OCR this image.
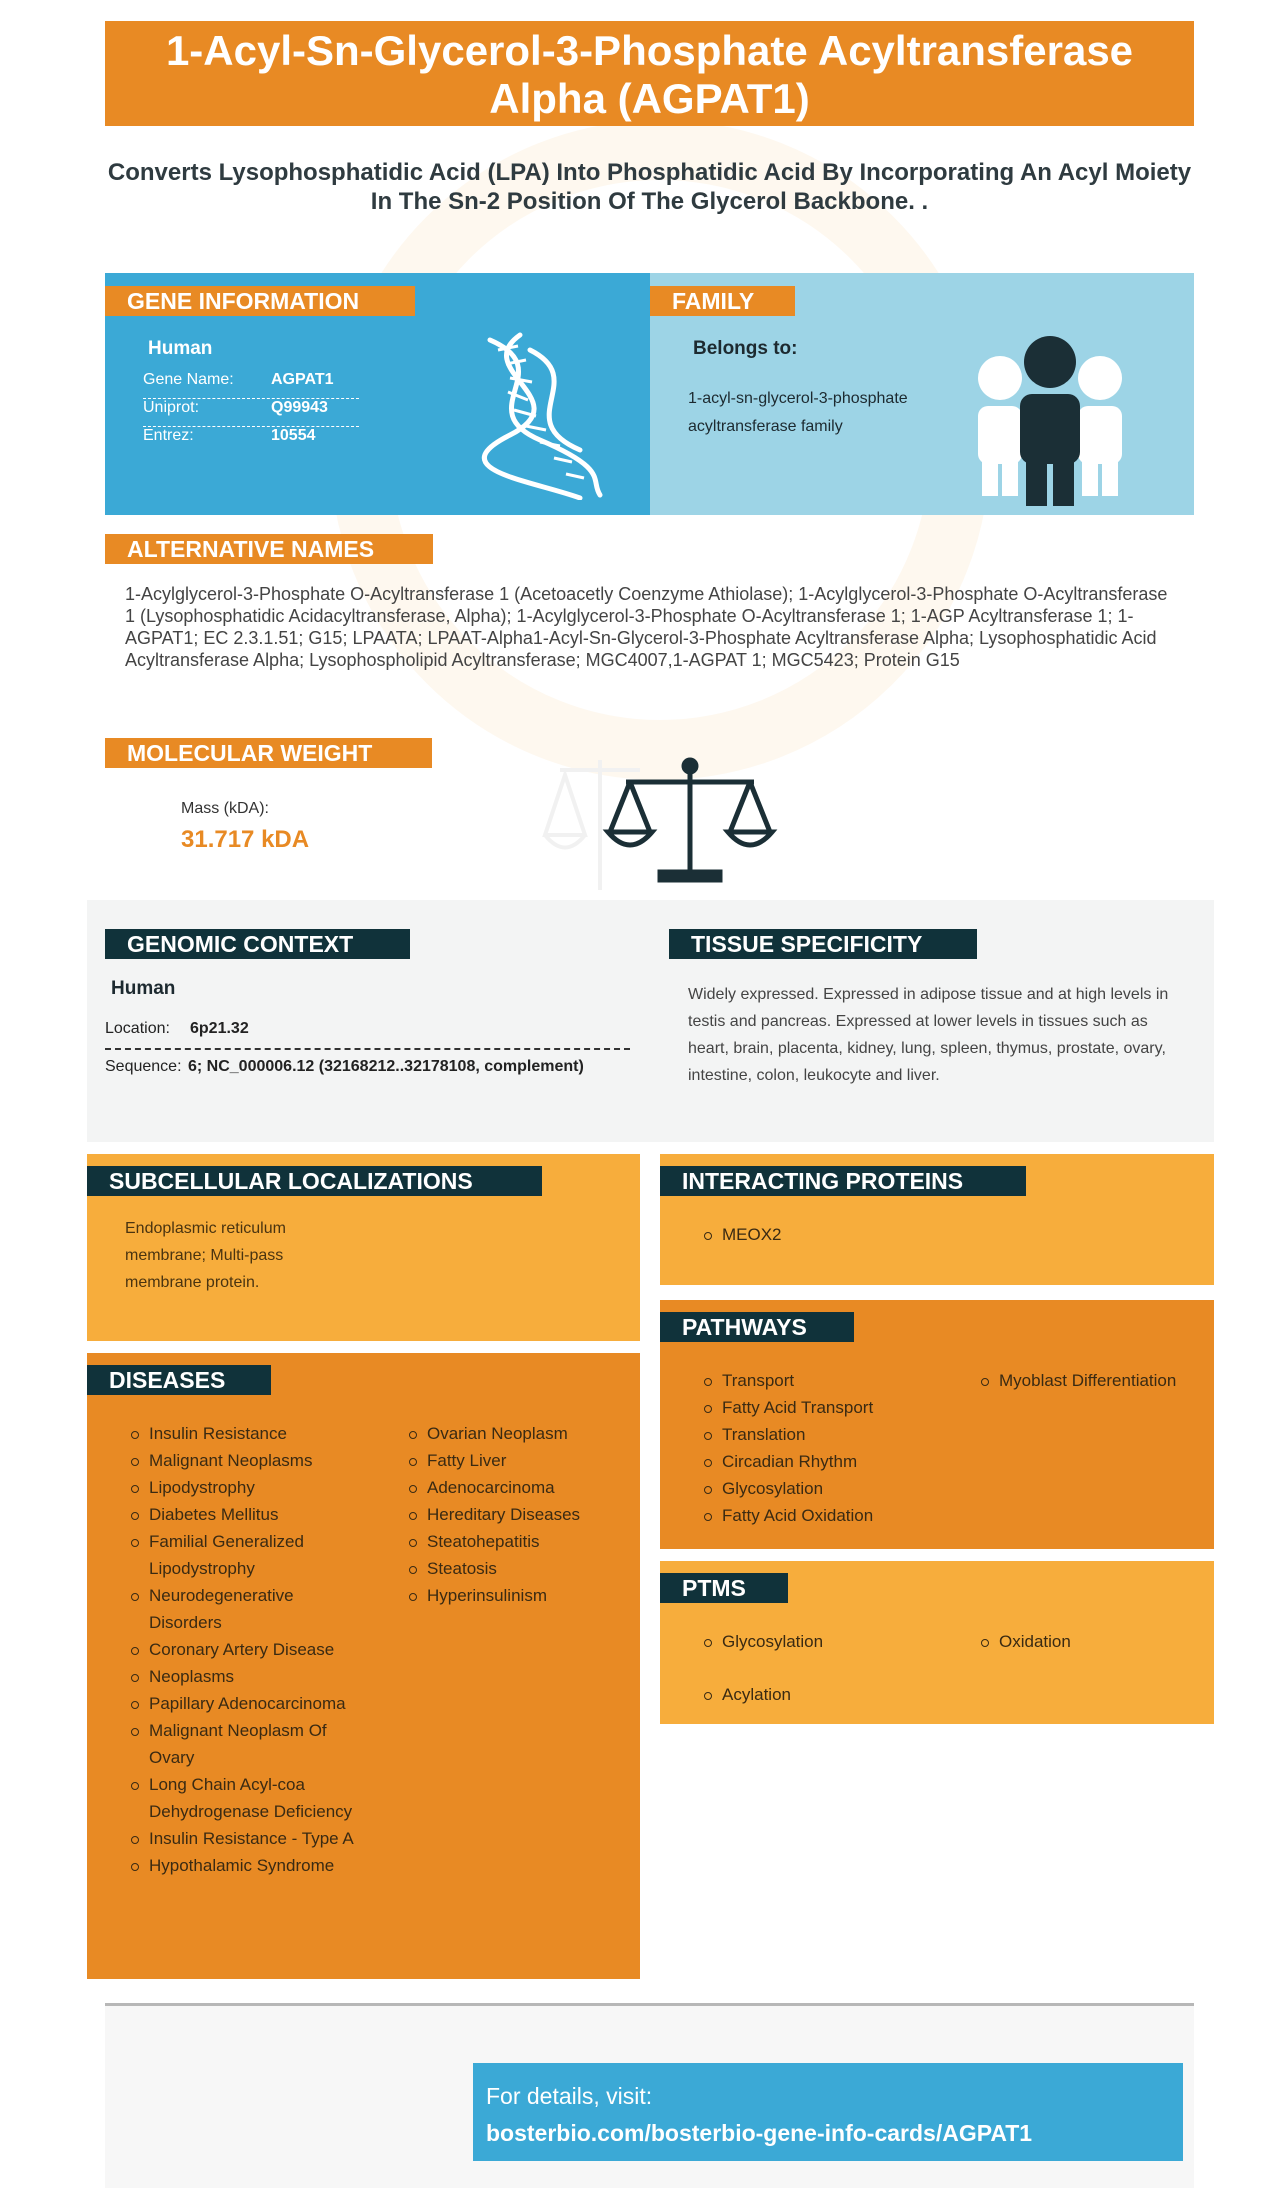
1-Acyl-Sn-Glycerol-3-Phosphate Acyltransferase Alpha (AGPAT1)
Converts Lysophosphatidic Acid (LPA) Into Phosphatidic Acid By Incorporating An Acyl Moiety In The Sn-2 Position Of The Glycerol Backbone. .
GENE INFORMATION
Human
Gene Name: AGPAT1
Uniprot:	Q99943
Entrez:	10554
FAMILY
Belongs to:
1-acyl-sn-glycerol-3-phosphate acyltransferase family
ALTERNATIVE NAMES
1-Acylglycerol-3-Phosphate O-Acyltransferase 1 (Acetoacetly Coenzyme Athiolase); 1-Acylglycerol-3-Phosphate O-Acyltransferase 1 (Lysophosphatidic Acidacyltransferase, Alpha); 1-Acylglycerol-3-Phosphate O-Acyltransferase 1; 1-AGP Acyltransferase 1; 1-AGPAT1; EC 2.3.1.51; G15; LPAATA; LPAAT-Alpha1-Acyl-Sn-Glycerol-3-Phosphate Acyltransferase Alpha; Lysophosphatidic Acid Acyltransferase Alpha; Lysophospholipid Acyltransferase; MGC4007,1-AGPAT 1; MGC5423; Protein G15
MOLECULAR WEIGHT
Mass (kDA):
31.717 kDA
GENOMIC CONTEXT
Human
Location: 6p21.32
Sequence: 6; NC_000006.12 (32168212..32178108, complement)
TISSUE SPECIFICITY
Widely expressed. Expressed in adipose tissue and at high levels in testis and pancreas. Expressed at lower levels in tissues such as heart, brain, placenta, kidney, lung, spleen, thymus, prostate, ovary, intestine, colon, leukocyte and liver.
SUBCELLULAR LOCALIZATIONS
Endoplasmic reticulum membrane; Multi-pass membrane protein.
INTERACTING PROTEINS
MEOX2
DISEASES
Insulin Resistance
Malignant Neoplasms
Lipodystrophy
Diabetes Mellitus
Familial Generalized Lipodystrophy
Neurodegenerative Disorders
Coronary Artery Disease
Neoplasms
Papillary Adenocarcinoma
Malignant Neoplasm Of Ovary
Long Chain Acyl-coa Dehydrogenase Deficiency
Insulin Resistance - Type A
Hypothalamic Syndrome
Ovarian Neoplasm
Fatty Liver
Adenocarcinoma
Hereditary Diseases
Steatohepatitis
Steatosis
Hyperinsulinism
PATHWAYS
Transport
Fatty Acid Transport
Translation
Circadian Rhythm
Glycosylation
Fatty Acid Oxidation
Myoblast Differentiation
PTMS
Glycosylation
Acylation
Oxidation
For details, visit:
bosterbio.com/bosterbio-gene-info-cards/AGPAT1
